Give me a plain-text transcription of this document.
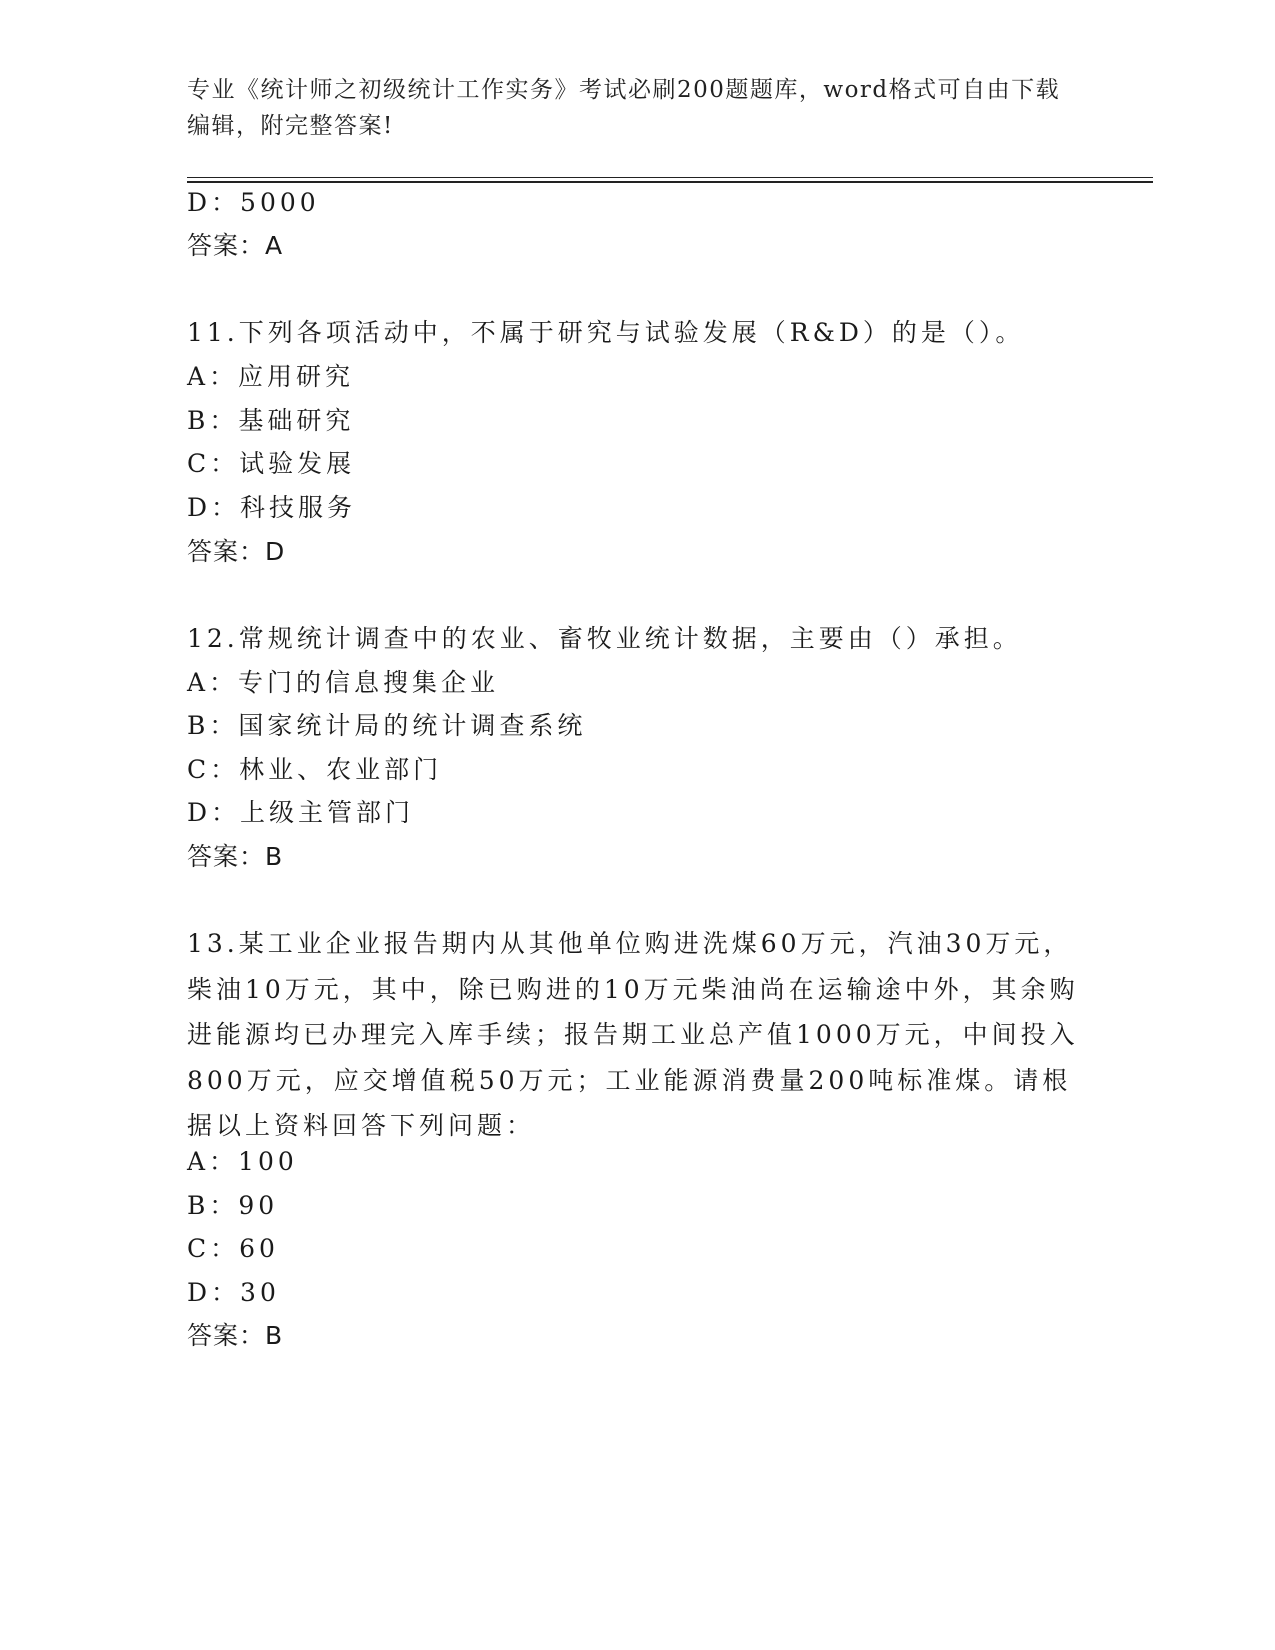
专业《统计师之初级统计工作实务》考试必刷200题题库，word格式可自由下载编辑，附完整答案!
D：5000
答案：A
11.下列各项活动中，不属于研究与试验发展（R&D）的是（）。
A：应用研究
B：基础研究
C：试验发展
D：科技服务
答案：D
12.常规统计调查中的农业、畜牧业统计数据，主要由（）承担。
A：专门的信息搜集企业
B：国家统计局的统计调查系统
C：林业、农业部门
D：上级主管部门
答案：B
13.某工业企业报告期内从其他单位购进洗煤60万元，汽油30万元，柴油10万元，其中，除已购进的10万元柴油尚在运输途中外，其余购进能源均已办理完入库手续；报告期工业总产值1000万元，中间投入800万元，应交增值税50万元；工业能源消费量200吨标准煤。请根据以上资料回答下列问题：
A：100
B：90
C：60
D：30
答案：B
